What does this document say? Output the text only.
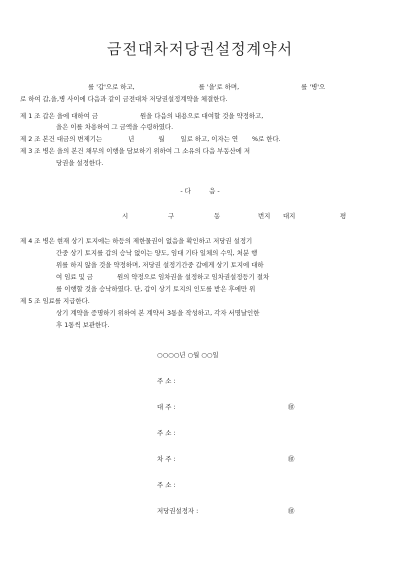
금전대차저당권설정계약서
를 '갑'으로 하고,	를 '을'로 하며,	를 '병'으
로 하여 갑,을,병 사이에 다음과 같이 금전대차 저당권설정계약을 체결한다.
제 1 조 갑은 을에 대하여 금	원을 다음의 내용으로 대여할 것을 약정하고,
을은 이를 차용하여 그 금액을 수령하였다.
제 2 조 본건 대금의 변제기는	년	월	일로 하고, 이자는 연 %로 한다.
제 3 조 병은 을의 본건 채무의 이행을 담보하기 위하여 그 소유의 다음 부동산에 저
당권을 설정한다.
- 다         음 -
시	구	동	번지 대지	평
제 4 조 병은 현재 상기 토지에는 하등의 제한물권이 없음을 확인하고 저당권 설정기
간중 상기 토지를 갑의 승낙 없이는 양도, 임대 기타 일체의 수익, 처분 행
위를 하지 않을 것을 약정하며, 저당권 설정기간중 갑에게 상기 토지에 대하
여 임료 및 금	원의 약정으로 임차권을 설정하고 임차권설정등기 절차
를 이행할 것을 승낙하였다. 단, 갑이 상기 토지의 인도를 받은 후에만 위
제 5 조 임료를 지급한다.
상기 계약을 증명하기 위하여 본 계약서 3통을 작성하고, 각자 서명날인한
후 1통씩 보관한다.
○○○○년 ○월 ○○일
주 소 :
대 주 :	㊞
주 소 :
차 주 :	㊞
주 소 :
저당권설정자 :	㊞
